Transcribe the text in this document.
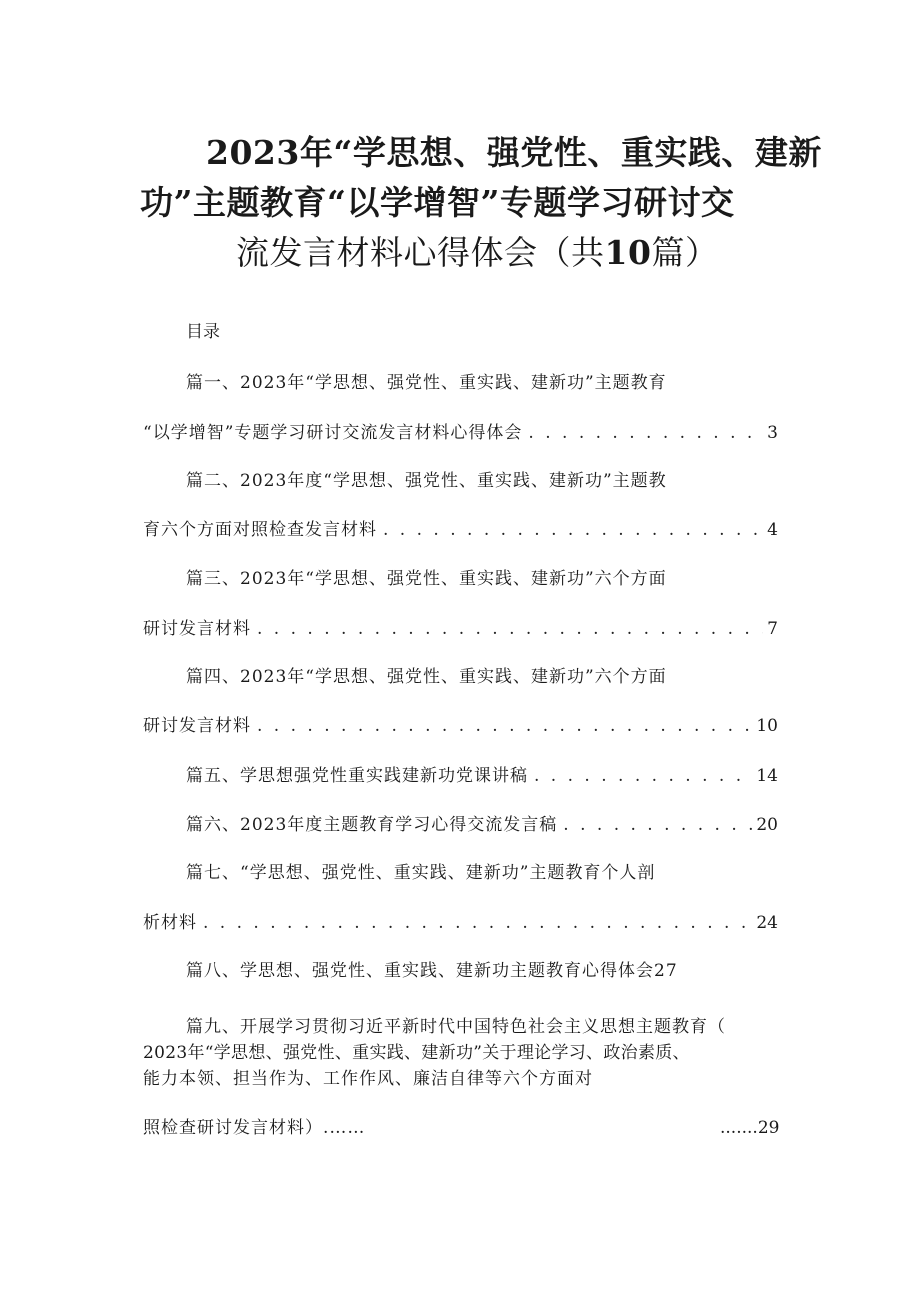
2023年“学思想、强党性、重实践、建新
功”主题教育“以学增智”专题学习研讨交
流发言材料心得体会（共10篇）
目录
篇一、2023年“学思想、强党性、重实践、建新功”主题教育
“以学增智”专题学习研讨交流发言材料心得体会 . . .	3
篇二、2023年度“学思想、强党性、重实践、建新功”主题教
育六个方面对照检查发言材料 . . .	4
篇三、2023年“学思想、强党性、重实践、建新功”六个方面
研讨发言材料 . . .	7
篇四、2023年“学思想、强党性、重实践、建新功”六个方面
研讨发言材料 . . .	10
篇五、学思想强党性重实践建新功党课讲稿 . . .	14
篇六、2023年度主题教育学习心得交流发言稿 . . .	20
篇七、“学思想、强党性、重实践、建新功”主题教育个人剖
析材料 . . .	24
篇八、学思想、强党性、重实践、建新功主题教育心得体会27
篇九、开展学习贯彻习近平新时代中国特色社会主义思想主题教育（
2023年“学思想、强党性、重实践、建新功”关于理论学习、政治素质、
能力本领、担当作为、工作作风、廉洁自律等六个方面对
照检查研讨发言材料）.……	.......29
